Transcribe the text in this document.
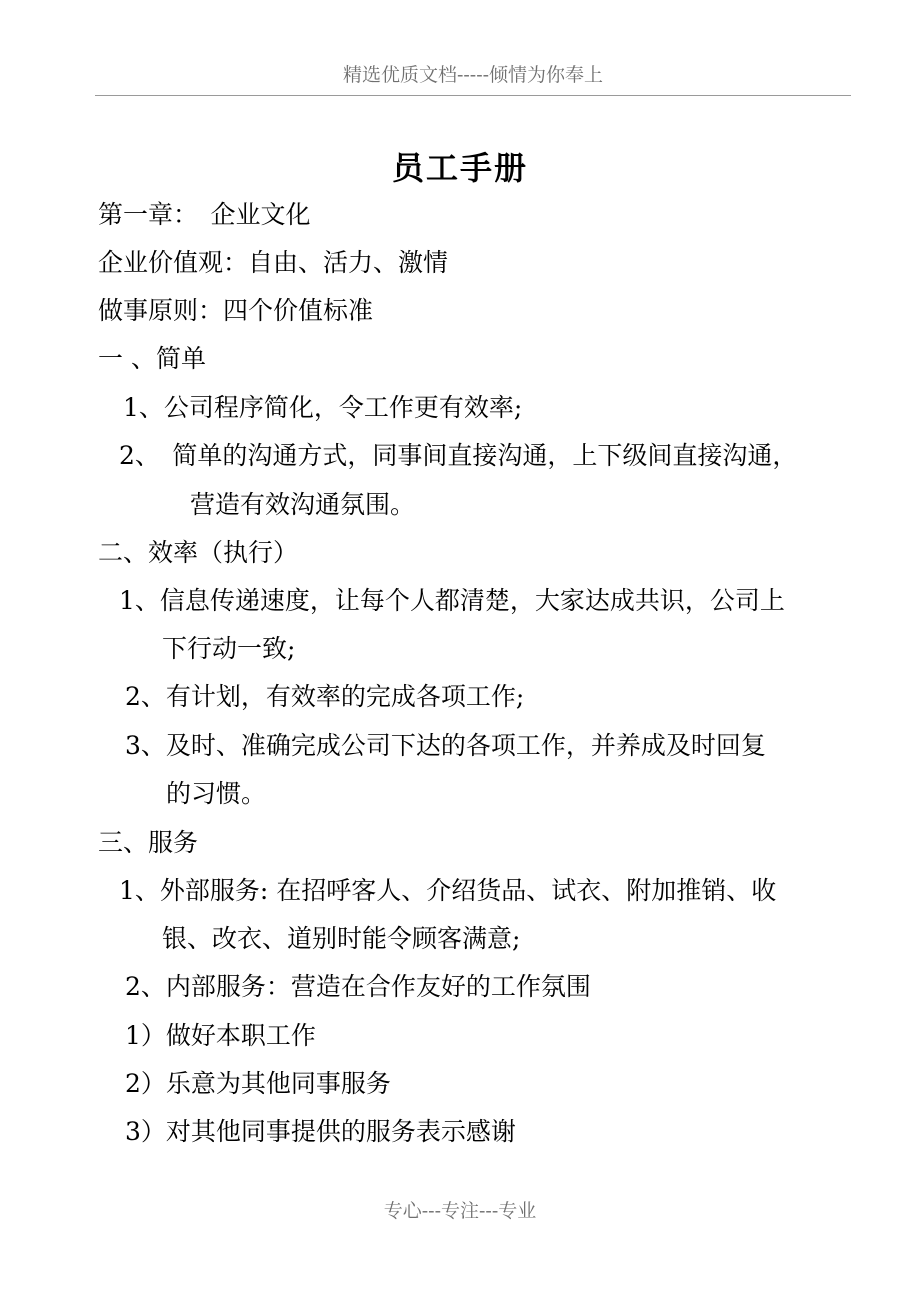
精选优质文档-----倾情为你奉上
员工手册
第一章：　企业文化
企业价值观：自由、活力、激情
做事原则：四个价值标准
一 、简单
1、公司程序简化，令工作更有效率;
2、　简单的沟通方式，同事间直接沟通，上下级间直接沟通，
营造有效沟通氛围。
二、效率（执行）
1、信息传递速度，让每个人都清楚，大家达成共识，公司上
下行动一致;
2、有计划，有效率的完成各项工作;
3、及时、准确完成公司下达的各项工作，并养成及时回复
的习惯。
三、服务
1、外部服务: 在招呼客人、介绍货品、试衣、附加推销、收
银、改衣、道别时能令顾客满意;
2、内部服务：营造在合作友好的工作氛围
1）做好本职工作
2）乐意为其他同事服务
3）对其他同事提供的服务表示感谢
专心---专注---专业
